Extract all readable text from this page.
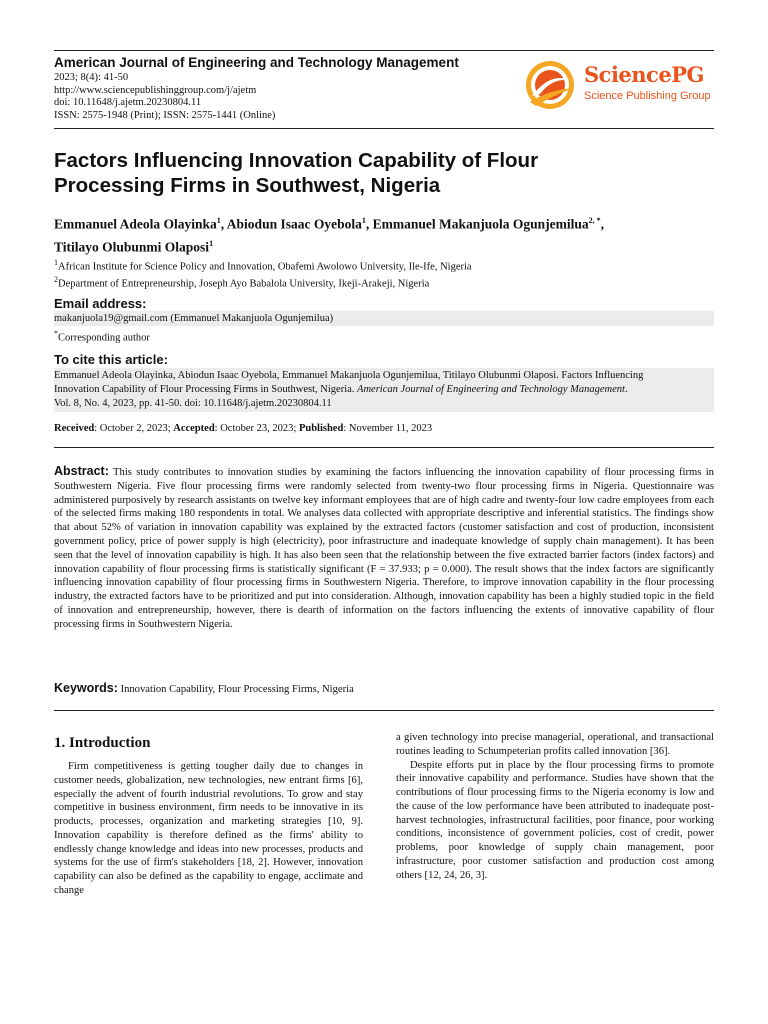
American Journal of Engineering and Technology Management
2023; 8(4): 41-50
http://www.sciencepublishinggroup.com/j/ajetm
doi: 10.11648/j.ajetm.20230804.11
ISSN: 2575-1948 (Print); ISSN: 2575-1441 (Online)
SciencePG
Science Publishing Group
Factors Influencing Innovation Capability of Flour
Processing Firms in Southwest, Nigeria
Emmanuel Adeola Olayinka$^1$, Abiodun Isaac Oyebola$^1$, Emmanuel Makanjuola Ogunjemilua$^{2, *}$,
Titilayo Olubunmi Olaposi$^1$
$^1$African Institute for Science Policy and Innovation, Obafemi Awolowo University, Ile-Ife, Nigeria
$^2$Department of Entrepreneurship, Joseph Ayo Babalola University, Ikeji-Arakeji, Nigeria
Email address:
makanjuola19@gmail.com (Emmanuel Makanjuola Ogunjemilua)
*Corresponding author
To cite this article:
Emmanuel Adeola Olayinka, Abiodun Isaac Oyebola, Emmanuel Makanjuola Ogunjemilua, Titilayo Olubunmi Olaposi. Factors Influencing
Innovation Capability of Flour Processing Firms in Southwest, Nigeria. American Journal of Engineering and Technology Management.
Vol. 8, No. 4, 2023, pp. 41-50. doi: 10.11648/j.ajetm.20230804.11
Received: October 2, 2023; Accepted: October 23, 2023; Published: November 11, 2023
Abstract: This study contributes to innovation studies by examining the factors influencing the innovation capability of flour processing firms in Southwestern Nigeria. Five flour processing firms were randomly selected from twenty-two flour processing firms in Nigeria. Questionnaire was administered purposively by research assistants on twelve key informant employees that are of high cadre and twenty-four low cadre employees from each of the selected firms making 180 respondents in total. We analyses data collected with appropriate descriptive and inferential statistics. The findings show that about 52% of variation in innovation capability was explained by the extracted factors (customer satisfaction and cost of production, inconsistent government policy, price of power supply is high (electricity), poor infrastructure and inadequate knowledge of supply chain management). It has been seen that the level of innovation capability is high. It has also been seen that the relationship between the five extracted barrier factors (index factors) and innovation capability of flour processing firms is statistically significant (F = 37.933; p = 0.000). The result shows that the index factors are significantly influencing innovation capability of flour processing firms in Southwestern Nigeria. Therefore, to improve innovation capability in the flour processing industry, the extracted factors have to be prioritized and put into consideration. Although, innovation capability has been a highly studied topic in the field of innovation and entrepreneurship, however, there is dearth of information on the factors influencing the extents of innovative capability of flour processing firms in Southwestern Nigeria.
Keywords: Innovation Capability, Flour Processing Firms, Nigeria
1. Introduction

Firm competitiveness is getting tougher daily due to changes in customer needs, globalization, new technologies, new entrant firms [6], especially the advent of fourth industrial revolutions. To grow and stay competitive in business environment, firm needs to be innovative in its products, processes, organization and marketing strategies [10, 9]. Innovation capability is therefore defined as the firms' ability to endlessly change knowledge and ideas into new processes, products and systems for the use of firm's stakeholders [18, 2]. However, innovation capability can also be defined as the capability to engage, acclimate and change

a given technology into precise managerial, operational, and transactional routines leading to Schumpeterian profits called innovation [36].

Despite efforts put in place by the flour processing firms to promote their innovative capability and performance. Studies have shown that the contributions of flour processing firms to the Nigeria economy is low and the cause of the low performance have been attributed to inadequate post-harvest technologies, infrastructural facilities, poor finance, poor working conditions, inconsistence of government policies, cost of credit, power problems, poor knowledge of supply chain management, poor infrastructure, poor customer satisfaction and production cost among others [12, 24, 26, 3].
